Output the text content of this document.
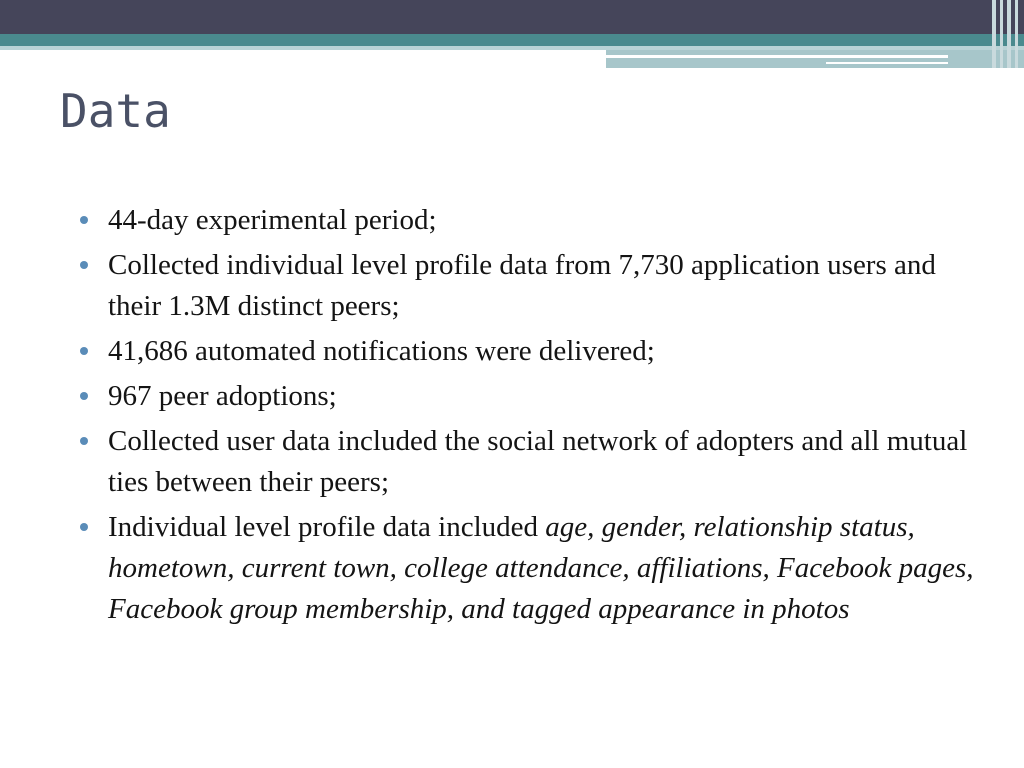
Data
44-day experimental period;
Collected individual level profile data from 7,730 application users and their 1.3M distinct peers;
41,686 automated notifications were delivered;
967 peer adoptions;
Collected user data included the social network of adopters and all mutual ties between their peers;
Individual level profile data included age, gender, relationship status, hometown, current town, college attendance, affiliations, Facebook pages, Facebook group membership, and tagged appearance in photos
